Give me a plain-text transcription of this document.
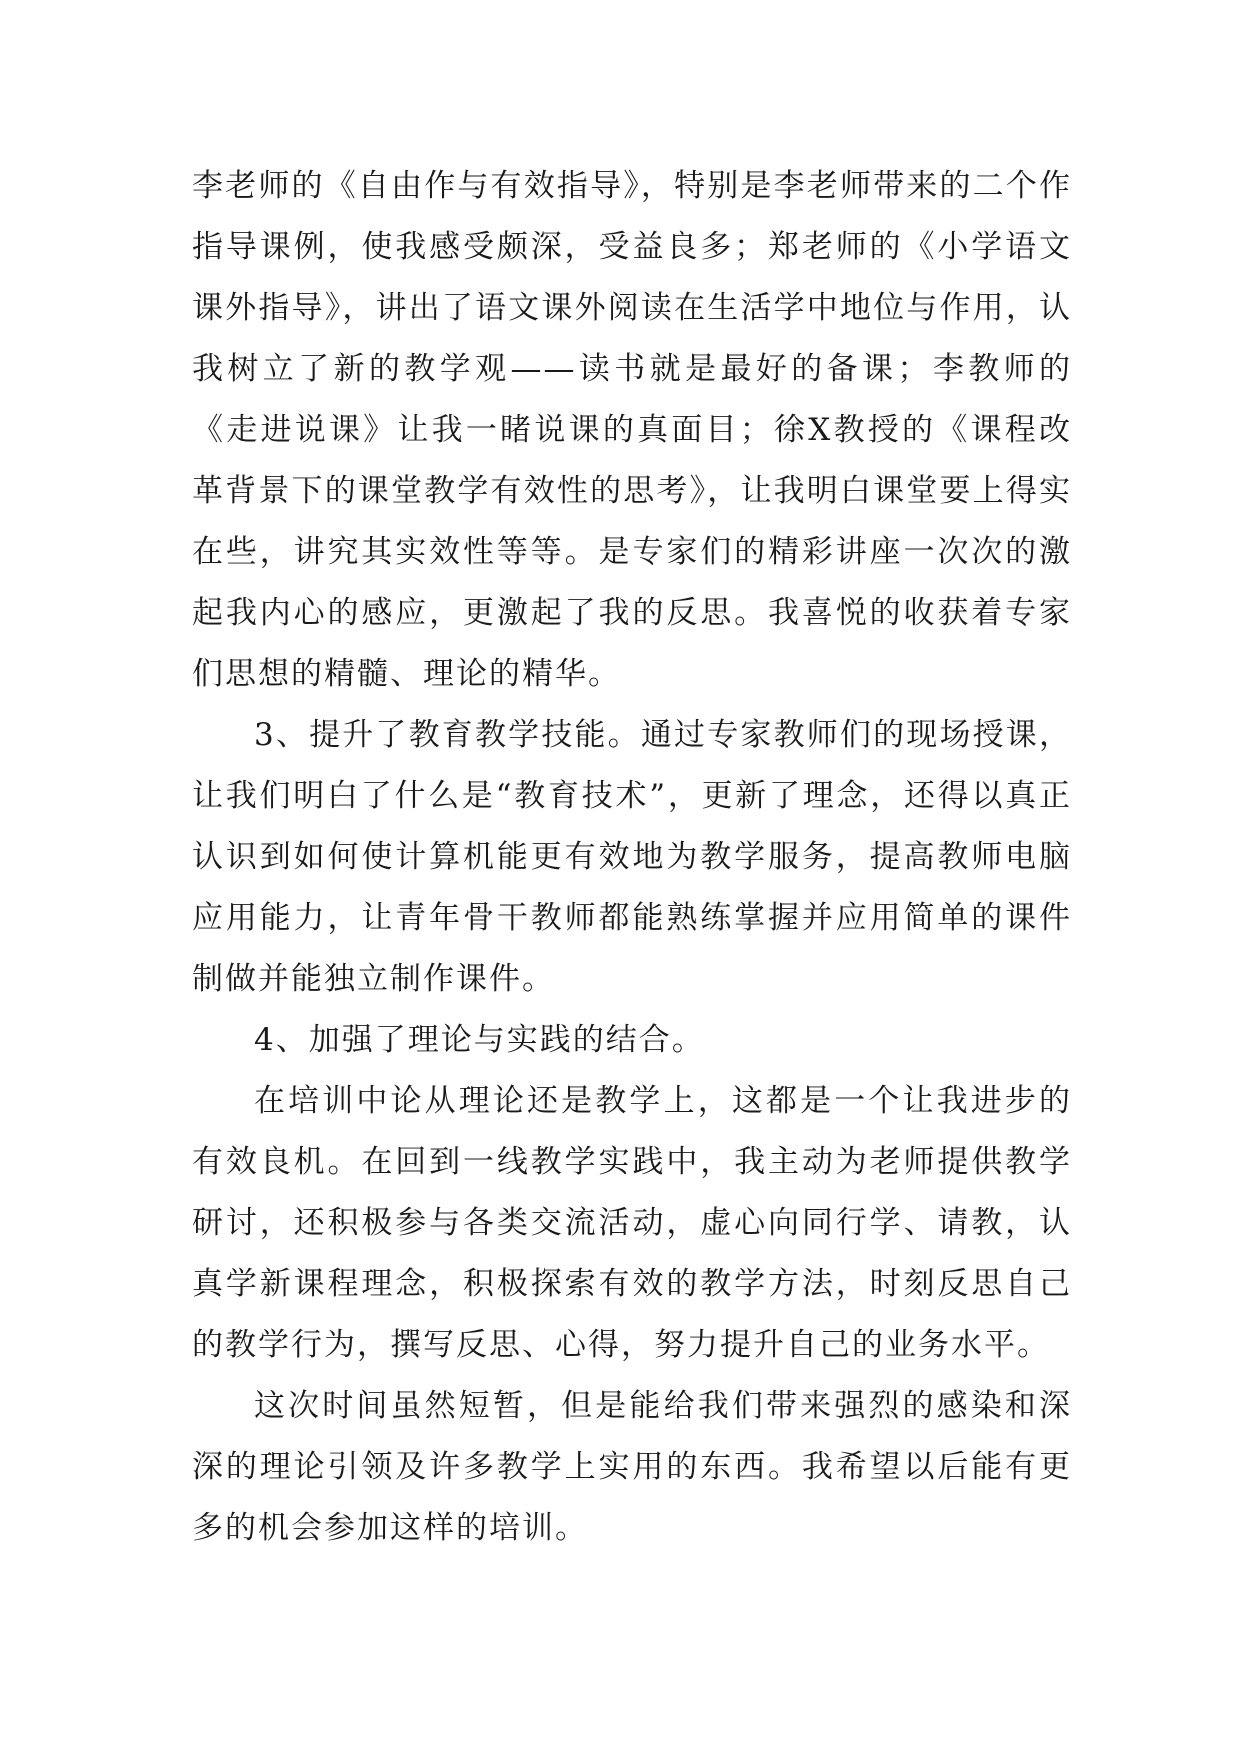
李老师的《自由作与有效指导》，特别是李老师带来的二个作指导课例，使我感受颇深，受益良多；郑老师的《小学语文课外指导》，讲出了语文课外阅读在生活学中地位与作用，认我树立了新的教学观——读书就是最好的备课；李教师的《走进说课》让我一睹说课的真面目；徐X教授的《课程改革背景下的课堂教学有效性的思考》，让我明白课堂要上得实在些，讲究其实效性等等。是专家们的精彩讲座一次次的激起我内心的感应，更激起了我的反思。我喜悦的收获着专家们思想的精髓、理论的精华。

3、提升了教育教学技能。通过专家教师们的现场授课，让我们明白了什么是“教育技术”，更新了理念，还得以真正认识到如何使计算机能更有效地为教学服务，提高教师电脑应用能力，让青年骨干教师都能熟练掌握并应用简单的课件制做并能独立制作课件。

4、加强了理论与实践的结合。

在培训中论从理论还是教学上，这都是一个让我进步的有效良机。在回到一线教学实践中，我主动为老师提供教学研讨，还积极参与各类交流活动，虚心向同行学、请教，认真学新课程理念，积极探索有效的教学方法，时刻反思自己的教学行为，撰写反思、心得，努力提升自己的业务水平。

这次时间虽然短暂，但是能给我们带来强烈的感染和深深的理论引领及许多教学上实用的东西。我希望以后能有更多的机会参加这样的培训。
